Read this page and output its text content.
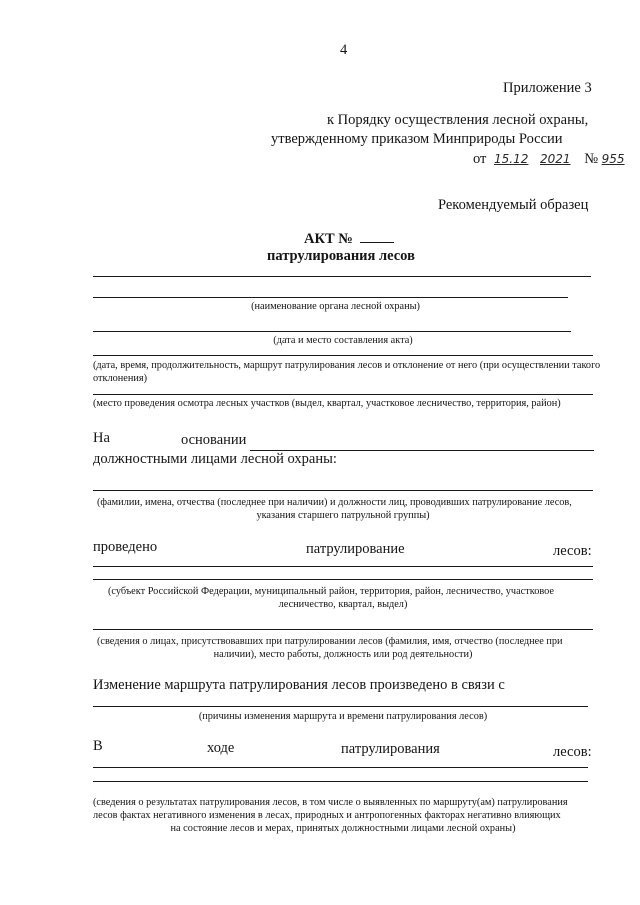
4
Приложение 3
к Порядку осуществления лесной охраны,
утвержденному приказом Минприроды России
от 15.12 2021 № 955
Рекомендуемый образец
АКТ №
патрулирования лесов
(наименование органа лесной охраны)
(дата и место составления акта)
(дата, время, продолжительность, маршрут патрулирования лесов и отклонение от него (при осуществлении такого отклонения)
(место проведения осмотра лесных участков (выдел, квартал, участковое лесничество, территория, район)
На	основании
должностными лицами лесной охраны:
(фамилии, имена, отчества (последнее при наличии) и должности лиц, проводивших патрулирование лесов,
указания старшего патрульной группы)
проведено	патрулирование	лесов:
(субъект Российской Федерации, муниципальный район, территория, район, лесничество, участковое
лесничество, квартал, выдел)
(сведения о лицах, присутствовавших при патрулировании лесов (фамилия, имя, отчество (последнее при
наличии), место работы, должность или род деятельности)
Изменение маршрута патрулирования лесов произведено в связи с
(причины изменения маршрута и времени патрулирования лесов)
В	ходе	патрулирования	лесов:
(сведения о результатах патрулирования лесов, в том числе о выявленных по маршруту(ам) патрулирования
лесов фактах негативного изменения в лесах, природных и антропогенных факторах негативно влияющих
на состояние лесов и мерах, принятых должностными лицами лесной охраны)
